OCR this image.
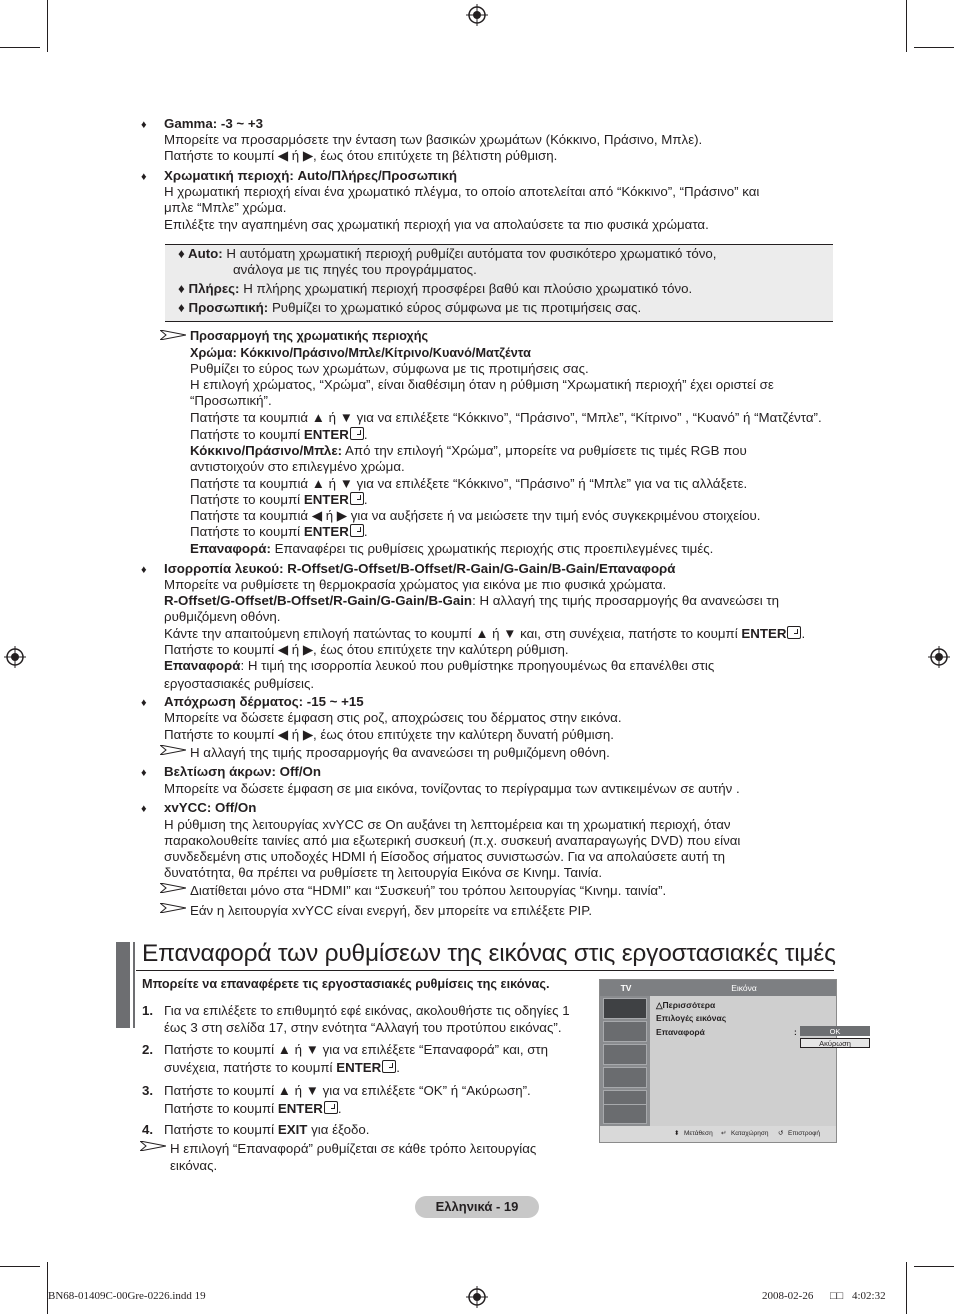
♦ Gamma: -3 ~ +3
Μπορείτε να προσαρμόσετε την ένταση των βασικών χρωμάτων (Κόκκινο, Πράσινο, Μπλε).
Πατήστε το κουμπί ◀ ή ▶, έως ότου επιτύχετε τη βέλτιστη ρύθμιση.
♦ Χρωματική περιοχή: Auto/Πλήρες/Προσωπική
Η χρωματική περιοχή είναι ένα χρωματικό πλέγμα, το οποίο αποτελείται από “Κόκκινο”, “Πράσινο” και
μπλε “Μπλε” χρώμα.
Επιλέξτε την αγαπημένη σας χρωματική περιοχή για να απολαύσετε τα πιο φυσικά χρώματα.
♦ Auto: Η αυτόματη χρωματική περιοχή ρυθμίζει αυτόματα τον φυσικότερο χρωματικό τόνο,
ανάλογα με τις πηγές του προγράμματος.
♦ Πλήρες: Η πλήρης χρωματική περιοχή προσφέρει βαθύ και πλούσιο χρωματικό τόνο.
♦ Προσωπική: Ρυθμίζει το χρωματικό εύρος σύμφωνα με τις προτιμήσεις σας.
Προσαρμογή της χρωματικής περιοχής
Χρώμα: Κόκκινο/Πράσινο/Μπλε/Κίτρινο/Κυανό/Ματζέντα
Ρυθμίζει το εύρος των χρωμάτων, σύμφωνα με τις προτιμήσεις σας.
Η επιλογή χρώματος, “Χρώμα”, είναι διαθέσιμη όταν η ρύθμιση “Χρωματική περιοχή” έχει οριστεί σε
“Προσωπική”.
Πατήστε τα κουμπιά ▲ ή ▼ για να επιλέξετε “Κόκκινο”, “Πράσινο”, “Μπλε”, “Κίτρινο” , “Κυανό” ή “Ματζέντα”.
Πατήστε το κουμπί ENTER .
Κόκκινο/Πράσινο/Μπλε: Από την επιλογή “Χρώμα”, μπορείτε να ρυθμίσετε τις τιμές RGB που
αντιστοιχούν στο επιλεγμένο χρώμα.
Πατήστε τα κουμπιά ▲ ή ▼ για να επιλέξετε “Κόκκινο”, “Πράσινο” ή “Μπλε” για να τις αλλάξετε.
Πατήστε το κουμπί ENTER .
Πατήστε τα κουμπιά ◀ ή ▶ για να αυξήσετε ή να μειώσετε την τιμή ενός συγκεκριμένου στοιχείου.
Πατήστε το κουμπί ENTER .
Επαναφορά: Επαναφέρει τις ρυθμίσεις χρωματικής περιοχής στις προεπιλεγμένες τιμές.
♦ Ισορροπία λευκού: R-Offset/G-Offset/B-Offset/R-Gain/G-Gain/B-Gain/Επαναφορά
Μπορείτε να ρυθμίσετε τη θερμοκρασία χρώματος για εικόνα με πιο φυσικά χρώματα.
R-Offset/G-Offset/B-Offset/R-Gain/G-Gain/B-Gain: Η αλλαγή της τιμής προσαρμογής θα ανανεώσει τη
ρυθμιζόμενη οθόνη.
Κάντε την απαιτούμενη επιλογή πατώντας το κουμπί ▲ ή ▼ και, στη συνέχεια, πατήστε το κουμπί ENTER .
Πατήστε το κουμπί ◀ ή ▶, έως ότου επιτύχετε την καλύτερη ρύθμιση.
Επαναφορά: Η τιμή της ισορροπία λευκού που ρυθμίστηκε προηγουμένως θα επανέλθει στις
εργοστασιακές ρυθμίσεις.
♦ Απόχρωση δέρματος: -15 ~ +15
Μπορείτε να δώσετε έμφαση στις ροζ, αποχρώσεις του δέρματος στην εικόνα.
Πατήστε το κουμπί ◀ ή ▶, έως ότου επιτύχετε την καλύτερη δυνατή ρύθμιση.
Η αλλαγή της τιμής προσαρμογής θα ανανεώσει τη ρυθμιζόμενη οθόνη.
♦ Βελτίωση άκρων: Off/On
Μπορείτε να δώσετε έμφαση σε μια εικόνα, τονίζοντας το περίγραμμα των αντικειμένων σε αυτήν .
♦ xvYCC: Off/On
Η ρύθμιση της λειτουργίας xvYCC σε On αυξάνει τη λεπτομέρεια και τη χρωματική περιοχή, όταν
παρακολουθείτε ταινίες από μια εξωτερική συσκευή (π.χ. συσκευή αναπαραγωγής DVD) που είναι
συνδεδεμένη στις υποδοχές HDMI ή Είσοδος σήματος συνιστωσών. Για να απολαύσετε αυτή τη
δυνατότητα, θα πρέπει να ρυθμίσετε τη λειτουργία Εικόνα σε Κινημ. Ταινία.
Διατίθεται μόνο στα “HDMI” και “Συσκευή” του τρόπου λειτουργίας “Κινημ. ταινία”.
Εάν η λειτουργία xvYCC είναι ενεργή, δεν μπορείτε να επιλέξετε PIP.
Επαναφορά των ρυθμίσεων της εικόνας στις εργοστασιακές τιμές
Μπορείτε να επαναφέρετε τις εργοστασιακές ρυθμίσεις της εικόνας.
1. Για να επιλέξετε το επιθυμητό εφέ εικόνας, ακολουθήστε τις οδηγίες 1
έως 3 στη σελίδα 17, στην ενότητα “Αλλαγή του προτύπου εικόνας”.
2. Πατήστε το κουμπί ▲ ή ▼ για να επιλέξετε “Επαναφορά” και, στη
συνέχεια, πατήστε το κουμπί ENTER .
3. Πατήστε το κουμπί ▲ ή ▼ για να επιλέξετε “OK” ή “Ακύρωση”.
Πατήστε το κουμπί ENTER .
4. Πατήστε το κουμπί EXIT για έξοδο.
Η επιλογή “Επαναφορά” ρυθμίζεται σε κάθε τρόπο λειτουργίας
εικόνας.
TV	Εικόνα
△Περισσότερα
Επιλογές εικόνας
Επαναφορά	:	OK
Ακύρωση
⬍ Μετάθεση ↵ Καταχώρηση ↺ Επιστροφή
Ελληνικά - 19
BN68-01409C-00Gre-0226.indd 19	2008-02-26 □□ 4:02:32
